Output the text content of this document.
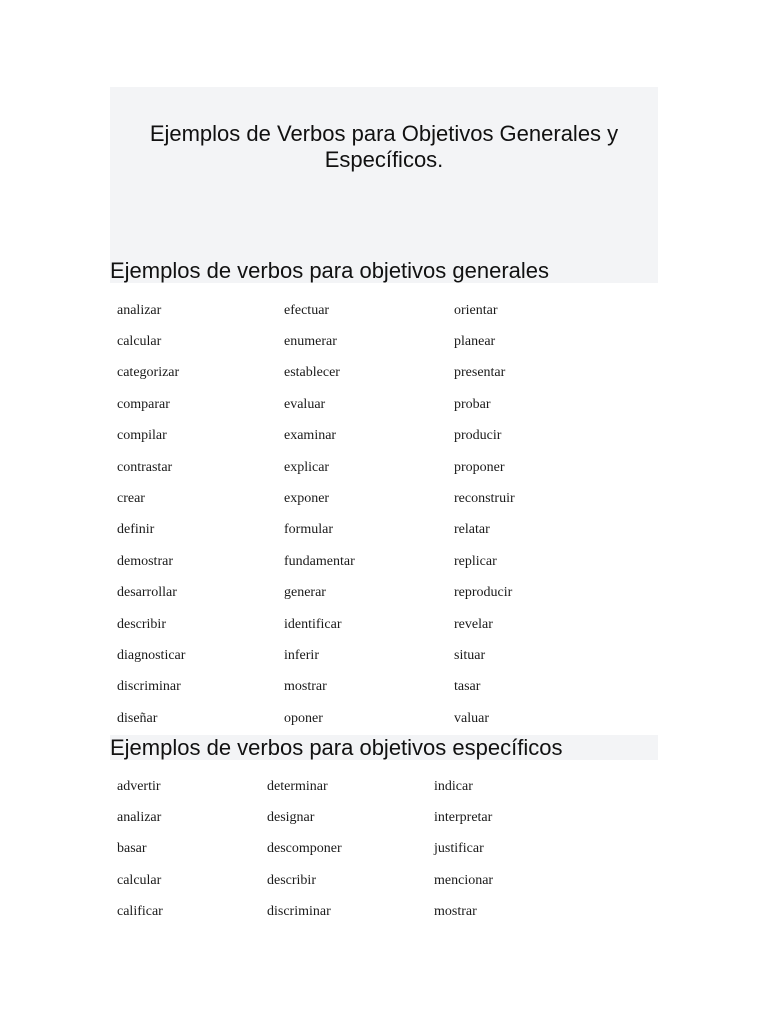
Ejemplos de Verbos para Objetivos Generales y Específicos.
Ejemplos de verbos para objetivos generales
analizar	efectuar	orientar
calcular	enumerar	planear
categorizar	establecer	presentar
comparar	evaluar	probar
compilar	examinar	producir
contrastar	explicar	proponer
crear	exponer	reconstruir
definir	formular	relatar
demostrar	fundamentar	replicar
desarrollar	generar	reproducir
describir	identificar	revelar
diagnosticar	inferir	situar
discriminar	mostrar	tasar
diseñar	oponer	valuar
Ejemplos de verbos para objetivos específicos
advertir	determinar	indicar
analizar	designar	interpretar
basar	descomponer	justificar
calcular	describir	mencionar
calificar	discriminar	mostrar
